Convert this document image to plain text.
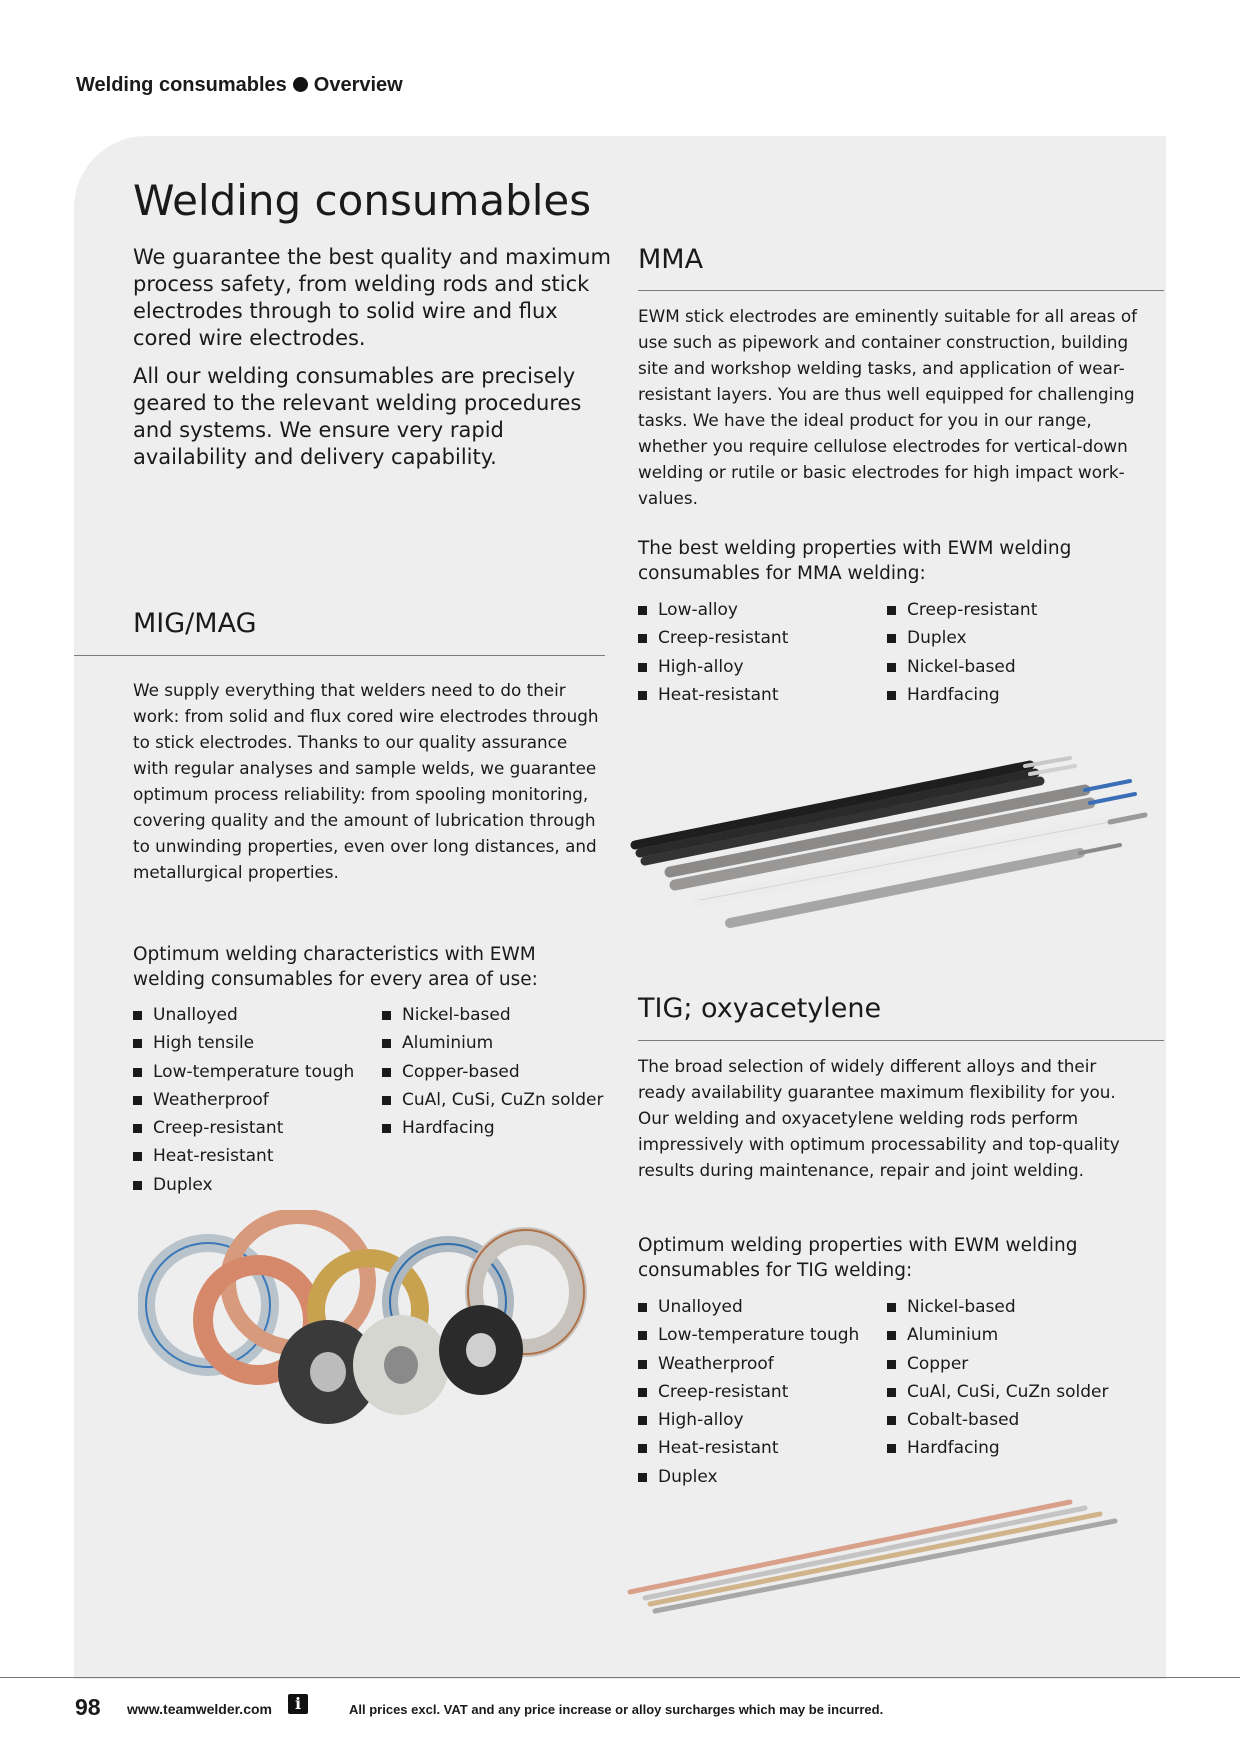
Welding consumables Overview
Welding consumables

We guarantee the best quality and maximum process safety, from welding rods and stick electrodes through to solid wire and flux cored wire electrodes.

All our welding consumables are precisely geared to the relevant welding procedures and systems. We ensure very rapid availability and delivery capability.

MMA

EWM stick electrodes are eminently suitable for all areas of use such as pipework and container construction, building site and workshop welding tasks, and application of wear-resistant layers. You are thus well equipped for challenging tasks. We have the ideal product for you in our range, whether you require cellulose electrodes for vertical-down welding or rutile or basic electrodes for high impact work-values.

The best welding properties with EWM welding consumables for MMA welding:

Low-alloy
Creep-resistant
High-alloy
Heat-resistant
Creep-resistant
Duplex
Nickel-based
Hardfacing
MIG/MAG

We supply everything that welders need to do their work: from solid and flux cored wire electrodes through to stick electrodes. Thanks to our quality assurance with regular analyses and sample welds, we guarantee optimum process reliability: from spooling monitoring, covering quality and the amount of lubrication through to unwinding properties, even over long distances, and metallurgical properties.

Optimum welding characteristics with EWM welding consumables for every area of use:

Unalloyed
High tensile
Low-temperature tough
Weatherproof
Creep-resistant
Heat-resistant
Duplex
Nickel-based
Aluminium
Copper-based
CuAl, CuSi, CuZn solder
Hardfacing
TIG; oxyacetylene

The broad selection of widely different alloys and their ready availability guarantee maximum flexibility for you. Our welding and oxyacetylene welding rods perform impressively with optimum processability and top-quality results during maintenance, repair and joint welding.

Optimum welding properties with EWM welding consumables for TIG welding:

Unalloyed
Low-temperature tough
Weatherproof
Creep-resistant
High-alloy
Heat-resistant
Duplex
Nickel-based
Aluminium
Copper
CuAl, CuSi, CuZn solder
Cobalt-based
Hardfacing
98 www.teamwelder.com	i	All prices excl. VAT and any price increase or alloy surcharges which may be incurred.
